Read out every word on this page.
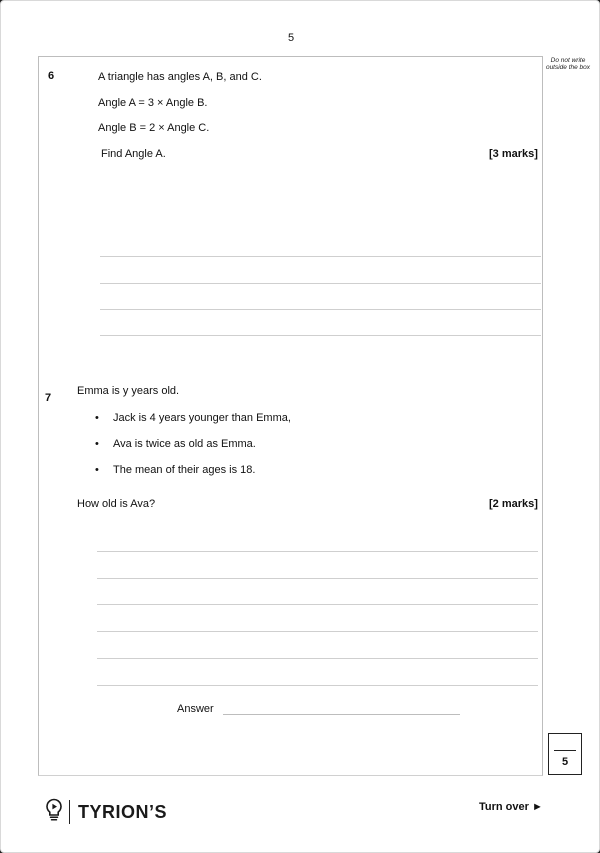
5
Do not write outside the box
6	A triangle has angles A, B, and C.
Angle A = 3 × Angle B.
Angle B = 2 × Angle C.
Find Angle A.	[3 marks]
7
Emma is y years old.
• Jack is 4 years younger than Emma,
• Ava is twice as old as Emma.
• The mean of their ages is 18.
How old is Ava?	[2 marks]
Answer
5
TYRION’S	Turn over ►
